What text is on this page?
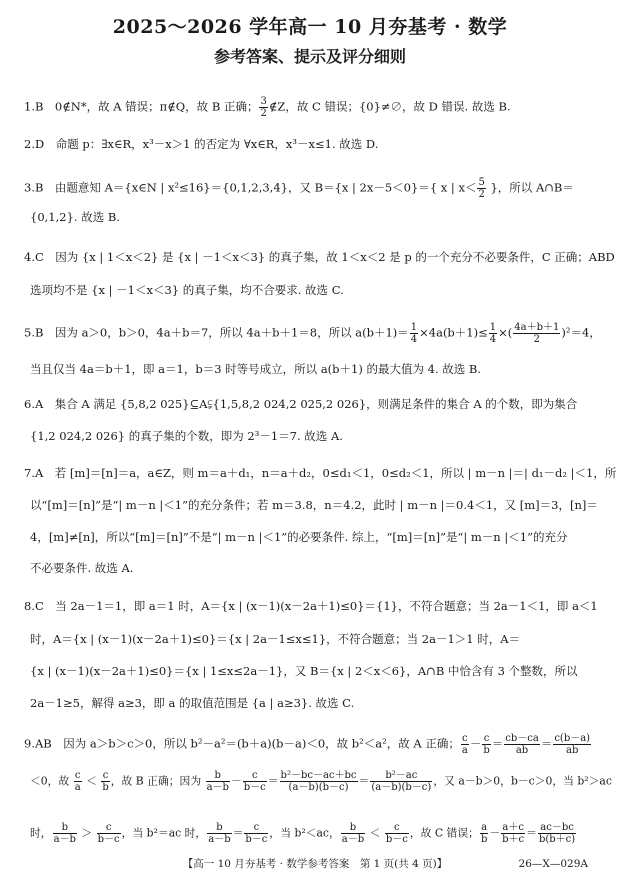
2025～2026 学年高一 10 月夯基考 · 数学
参考答案、提示及评分细则
1.B　0∉N*，故 A 错误；π∉Q，故 B 正确； $\frac{3}{2}$ ∉Z，故 C 错误；{0}≠∅，故 D 错误. 故选 B.
2.D　命题 p：∃x∈R，x³－x＞1 的否定为 ∀x∈R，x³－x≤1. 故选 D.
3.B　由题意知 A＝{x∈N | x²≤16}＝{0,1,2,3,4}，又 B＝{x | 2x－5＜0}＝{ x | $x< \frac{5}{2}$ }，所以 A∩B＝
{0,1,2}. 故选 B.
4.C　因为 {x | 1＜x＜2} 是 {x | －1＜x＜3} 的真子集，故 1＜x＜2 是 p 的一个充分不必要条件，C 正确；ABD
选项均不是 {x | －1＜x＜3} 的真子集，均不合要求. 故选 C.
5.B　因为 a＞0，b＞0，4a＋b＝7，所以 4a＋b＋1＝8，所以 $a(b+1)= \frac{1}{4} \times 4a(b+1)\le \frac{1}{4}$ ×( $\frac{4a+b+1}{2} )^2=4$，
当且仅当 4a＝b＋1，即 a＝1，b＝3 时等号成立，所以 a(b＋1) 的最大值为 4. 故选 B.
6.A　集合 A 满足 {5,8,2 025}⊆A⫋{1,5,8,2 024,2 025,2 026}，则满足条件的集合 A 的个数，即为集合
{1,2 024,2 026} 的真子集的个数，即为 2³－1＝7. 故选 A.
7.A　若 [m]＝[n]＝a，a∈Z，则 m＝a＋d₁，n＝a＋d₂，0≤d₁＜1，0≤d₂＜1，所以 | m－n |＝| d₁－d₂ |＜1，所
以“[m]＝[n]”是“| m－n |＜1”的充分条件；若 m＝3.8，n＝4.2，此时 | m－n |＝0.4＜1，又 [m]＝3，[n]＝
4，[m]≠[n]，所以“[m]＝[n]”不是“| m－n |＜1”的必要条件. 综上，“[m]＝[n]”是“| m－n |＜1”的充分
不必要条件. 故选 A.
8.C　当 2a－1＝1，即 a＝1 时，A＝{x | (x－1)(x－2a＋1)≤0}＝{1}，不符合题意；当 2a－1＜1，即 a＜1
时，A＝{x | (x－1)(x－2a＋1)≤0}＝{x | 2a－1≤x≤1}，不符合题意；当 2a－1＞1 时，A＝
{x | (x－1)(x－2a＋1)≤0}＝{x | 1≤x≤2a－1}，又 B＝{x | 2＜x＜6}，A∩B 中恰含有 3 个整数，所以
2a－1≥5，解得 a≥3，即 a 的取值范围是 {a | a≥3}. 故选 C.
9.AB　因为 a＞b＞c＞0，所以 b²－a²＝(b＋a)(b－a)＜0，故 b²＜a²，故 A 正确； $\frac{c}{a} - \frac{c}{b} = \frac{cb-ca}{ab} = \frac{c(b-a)}{ab}$
＜0，故 $\frac{c}{a} < \frac{c}{b}$ ，故 B 正确；因为 $\frac{b}{a-b} - \frac{c}{b-c} = \frac{\text{b²－bc－ac＋bc}}{(a-b)(b-c)} = \frac{\text{b²－ac}}{(a-b)(b-c)}$ ，又 a－b＞0，b－c＞0，当 b²＞ac
时， $\frac{b}{a-b} > \frac{c}{b-c}$ ，当 b²＝ac 时， $\frac{b}{a-b} = \frac{c}{b-c}$ ，当 b²＜ac， $\frac{b}{a-b} < \frac{c}{b-c}$ ，故 C 错误； $\frac{a}{b} - \frac{a+c}{b+c} = \frac{ac-bc}{b(b+c)}$
【高一 10 月夯基考 · 数学参考答案　第 1 页(共 4 页)】	26—X—029A
